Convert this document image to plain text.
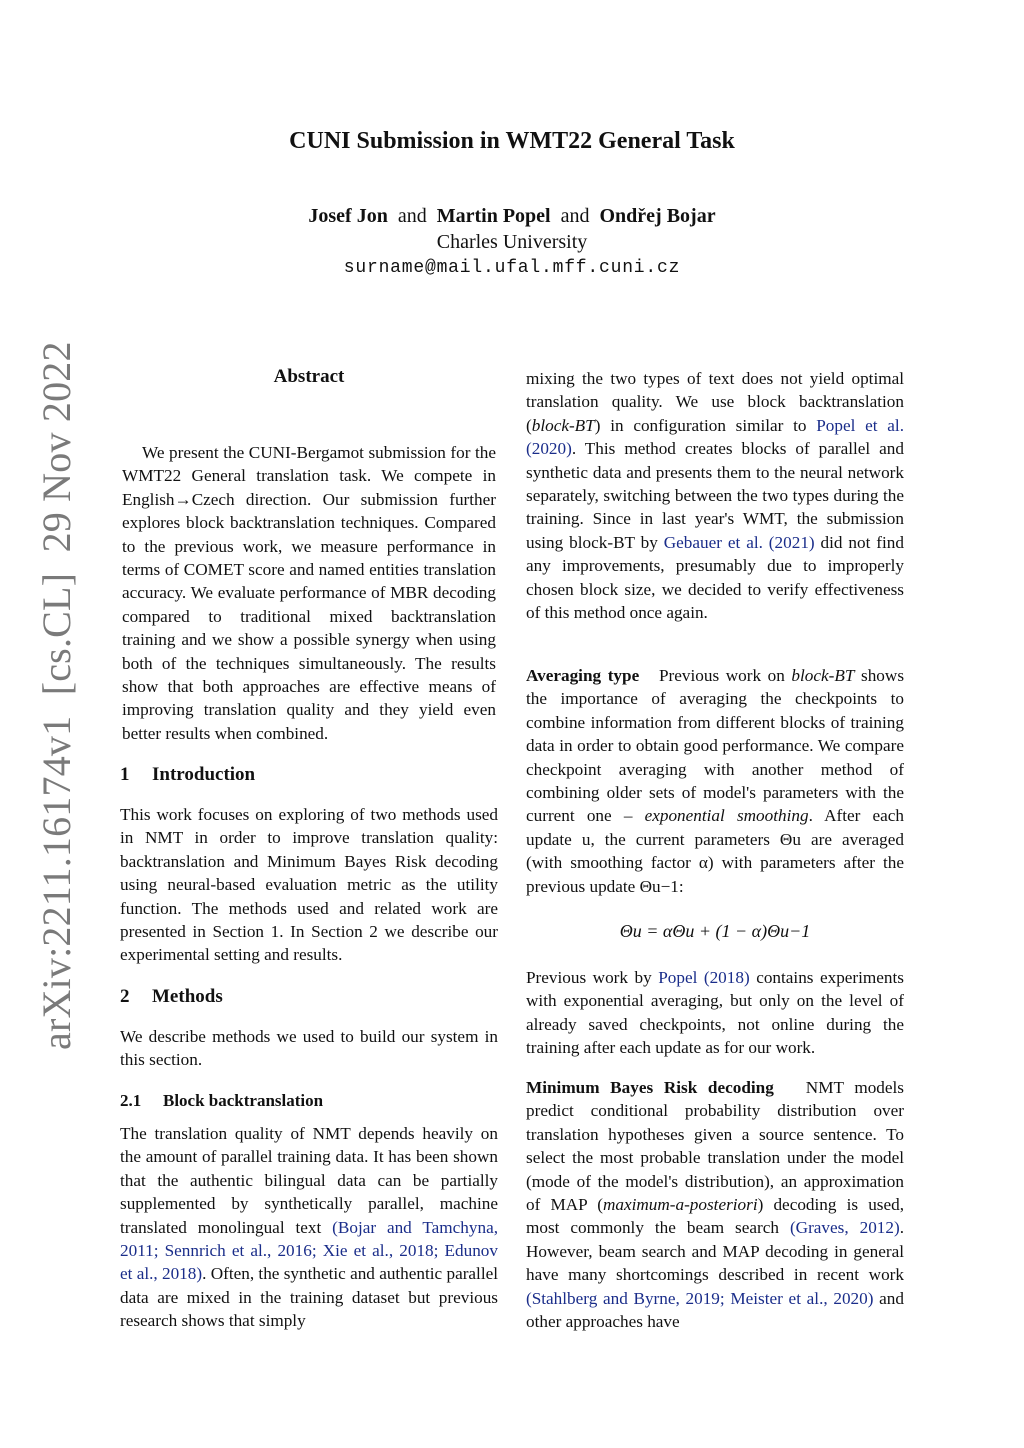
arXiv:2211.16174v1  [cs.CL]  29 Nov 2022
CUNI Submission in WMT22 General Task
Josef Jon and Martin Popel and Ondřej Bojar
Charles University
surname@mail.ufal.mff.cuni.cz
Abstract

We present the CUNI-Bergamot submission for the WMT22 General translation task. We compete in English→Czech direction. Our submission further explores block backtranslation techniques. Compared to the previous work, we measure performance in terms of COMET score and named entities translation accuracy. We evaluate performance of MBR decoding compared to traditional mixed backtranslation training and we show a possible synergy when using both of the techniques simultaneously. The results show that both approaches are effective means of improving translation quality and they yield even better results when combined.

1 Introduction

This work focuses on exploring of two methods used in NMT in order to improve translation quality: backtranslation and Minimum Bayes Risk decoding using neural-based evaluation metric as the utility function. The methods used and related work are presented in Section 1. In Section 2 we describe our experimental setting and results.

2 Methods

We describe methods we used to build our system in this section.

2.1 Block backtranslation

The translation quality of NMT depends heavily on the amount of parallel training data. It has been shown that the authentic bilingual data can be partially supplemented by synthetically parallel, machine translated monolingual text (Bojar and Tamchyna, 2011; Sennrich et al., 2016; Xie et al., 2018; Edunov et al., 2018). Often, the synthetic and authentic parallel data are mixed in the training dataset but previous research shows that simply

mixing the two types of text does not yield optimal translation quality. We use block backtranslation (block-BT) in configuration similar to Popel et al. (2020). This method creates blocks of parallel and synthetic data and presents them to the neural network separately, switching between the two types during the training. Since in last year's WMT, the submission using block-BT by Gebauer et al. (2021) did not find any improvements, presumably due to improperly chosen block size, we decided to verify effectiveness of this method once again.

Averaging type Previous work on block-BT shows the importance of averaging the checkpoints to combine information from different blocks of training data in order to obtain good performance. We compare checkpoint averaging with another method of combining older sets of model's parameters with the current one – exponential smoothing. After each update u, the current parameters Θu are averaged (with smoothing factor α) with parameters after the previous update Θu−1:

Θu = αΘu + (1 − α)Θu−1

Previous work by Popel (2018) contains experiments with exponential averaging, but only on the level of already saved checkpoints, not online during the training after each update as for our work.

Minimum Bayes Risk decoding NMT models predict conditional probability distribution over translation hypotheses given a source sentence. To select the most probable translation under the model (mode of the model's distribution), an approximation of MAP (maximum-a-posteriori) decoding is used, most commonly the beam search (Graves, 2012). However, beam search and MAP decoding in general have many shortcomings described in recent work (Stahlberg and Byrne, 2019; Meister et al., 2020) and other approaches have
